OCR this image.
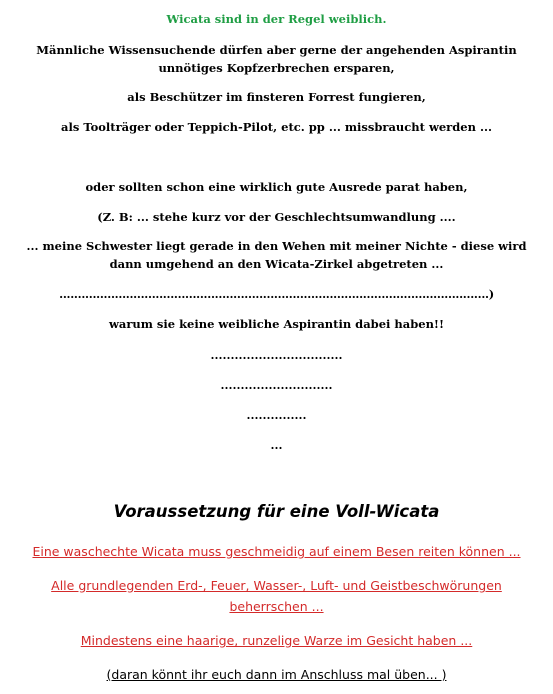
Wicata sind in der Regel weiblich.
Männliche Wissensuchende dürfen aber gerne der angehenden Aspirantin
unnötiges Kopfzerbrechen ersparen,
als Beschützer im finsteren Forrest fungieren,
als Toolträger oder Teppich-Pilot, etc. pp ... missbraucht werden ...
oder sollten schon eine wirklich gute Ausrede parat haben,
(Z. B: ... stehe kurz vor der Geschlechtsumwandlung ....
... meine Schwester liegt gerade in den Wehen mit meiner Nichte - diese wird
dann umgehend an den Wicata-Zirkel abgetreten ...
....................................................................................................................)
warum sie keine weibliche Aspirantin dabei haben!!
.................................
............................
...............
...
Voraussetzung für eine Voll-Wicata
Eine waschechte Wicata muss geschmeidig auf einem Besen reiten können ...
Alle grundlegenden Erd-, Feuer, Wasser-, Luft- und Geistbeschwörungen
beherrschen ...
Mindestens eine haarige, runzelige Warze im Gesicht haben ...
(daran könnt ihr euch dann im Anschluss mal üben... )
